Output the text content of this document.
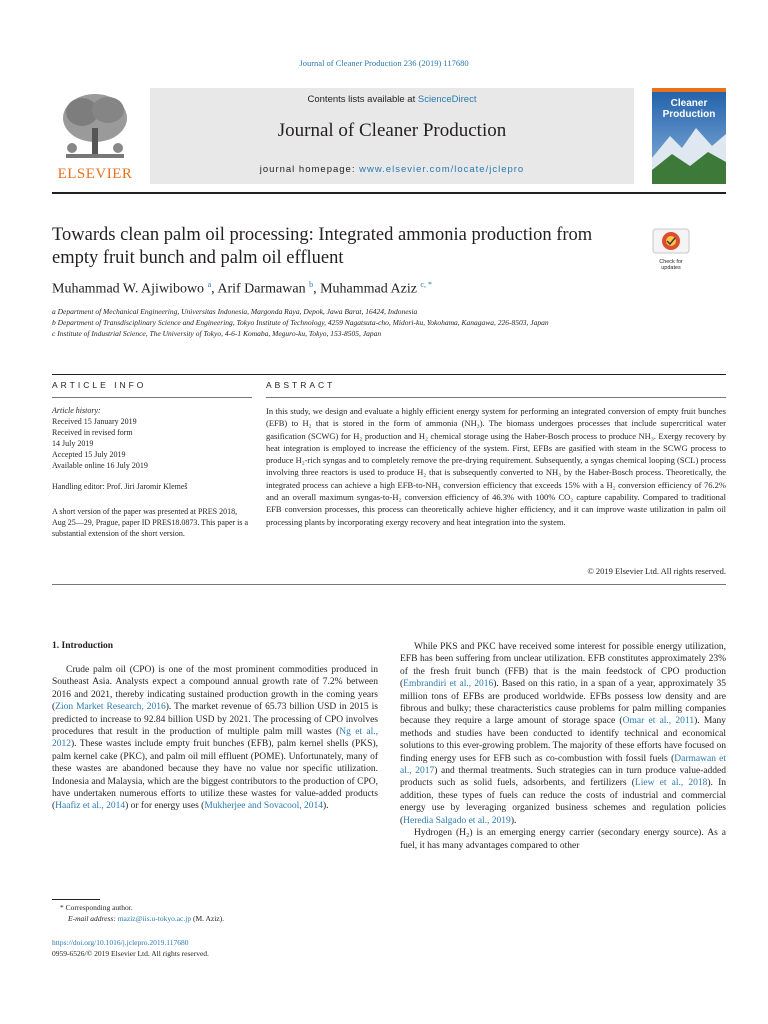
Journal of Cleaner Production 236 (2019) 117680
ELSEVIER
Contents lists available at ScienceDirect
Journal of Cleaner Production
journal homepage: www.elsevier.com/locate/jclepro
Cleaner
Production
Towards clean palm oil processing: Integrated ammonia production from empty fruit bunch and palm oil effluent	Check for
updates
Muhammad W. Ajiwibowo $^a$, Arif Darmawan $^b$, Muhammad Aziz $^{c, *}$

a Department of Mechanical Engineering, Universitas Indonesia, Margonda Raya, Depok, Jawa Barat, 16424, Indonesia

b Department of Transdisciplinary Science and Engineering, Tokyo Institute of Technology, 4259 Nagatsuta-cho, Midori-ku, Yokohama, Kanagawa, 226-8503, Japan

c Institute of Industrial Science, The University of Tokyo, 4-6-1 Komaba, Meguro-ku, Tokyo, 153-8505, Japan

ARTICLE INFO	ABSTRACT

Article history:

Received 15 January 2019

Received in revised form

14 July 2019

Accepted 15 July 2019

Available online 16 July 2019

Handling editor: Prof. Jiri Jaromir Klemeš

A short version of the paper was presented at PRES 2018, Aug 25—29, Prague, paper ID PRES18.0873. This paper is a substantial extension of the short version.

In this study, we design and evaluate a highly efficient energy system for performing an integrated conversion of empty fruit bunches (EFB) to H₂ that is stored in the form of ammonia (NH₃). The biomass undergoes processes that include supercritical water gasification (SCWG) for H₂ production and H₂ chemical storage using the Haber-Bosch process to produce NH₃. Exergy recovery by heat integration is employed to increase the efficiency of the system. First, EFBs are gasified with steam in the SCWG process to produce H₂-rich syngas and to completely remove the pre-drying requirement. Subsequently, a syngas chemical looping (SCL) process involving three reactors is used to produce H₂ that is subsequently converted to NH₃ by the Haber-Bosch process. Theoretically, the integrated process can achieve a high EFB-to-NH₃ conversion efficiency that exceeds 15% with a H₂ conversion efficiency of 76.2% and an overall maximum syngas-to-H₂ conversion efficiency of 46.3% with 100% CO₂ capture capability. Compared to traditional EFB conversion processes, this process can theoretically achieve higher efficiency, and it can improve waste utilization in palm oil processing plants by incorporating exergy recovery and heat integration into the system.
© 2019 Elsevier Ltd. All rights reserved.
1. Introduction

Crude palm oil (CPO) is one of the most prominent commodities produced in Southeast Asia. Analysts expect a compound annual growth rate of 7.2% between 2016 and 2021, thereby indicating sustained production growth in the coming years (Zion Market Research, 2016). The market revenue of 65.73 billion USD in 2015 is predicted to increase to 92.84 billion USD by 2021. The processing of CPO involves procedures that result in the production of multiple palm mill wastes (Ng et al., 2012). These wastes include empty fruit bunches (EFB), palm kernel shells (PKS), palm kernel cake (PKC), and palm oil mill effluent (POME). Unfortunately, many of these wastes are abandoned because they have no value nor specific utilization. Indonesia and Malaysia, which are the biggest contributors to the production of CPO, have undertaken numerous efforts to utilize these wastes for value-added products (Haafiz et al., 2014) or for energy uses (Mukherjee and Sovacool, 2014).

While PKS and PKC have received some interest for possible energy utilization, EFB has been suffering from unclear utilization. EFB constitutes approximately 23% of the fresh fruit bunch (FFB) that is the main feedstock of CPO production (Embrandiri et al., 2016). Based on this ratio, in a span of a year, approximately 35 million tons of EFBs are produced worldwide. EFBs possess low density and are fibrous and bulky; these characteristics cause problems for palm milling companies because they require a large amount of storage space (Omar et al., 2011). Many methods and studies have been conducted to identify technical and economical solutions to this ever-growing problem. The majority of these efforts have focused on finding energy uses for EFB such as co-combustion with fossil fuels (Darmawan et al., 2017) and thermal treatments. Such strategies can in turn produce value-added products such as solid fuels, adsorbents, and fertilizers (Liew et al., 2018). In addition, these types of fuels can reduce the costs of industrial and commercial energy use by leveraging organized business schemes and regulation policies (Heredia Salgado et al., 2019).

Hydrogen (H₂) is an emerging energy carrier (secondary energy source). As a fuel, it has many advantages compared to other

* Corresponding author.
E-mail address: maziz@iis.u-tokyo.ac.jp (M. Aziz).
https://doi.org/10.1016/j.jclepro.2019.117680
0959-6526/© 2019 Elsevier Ltd. All rights reserved.
